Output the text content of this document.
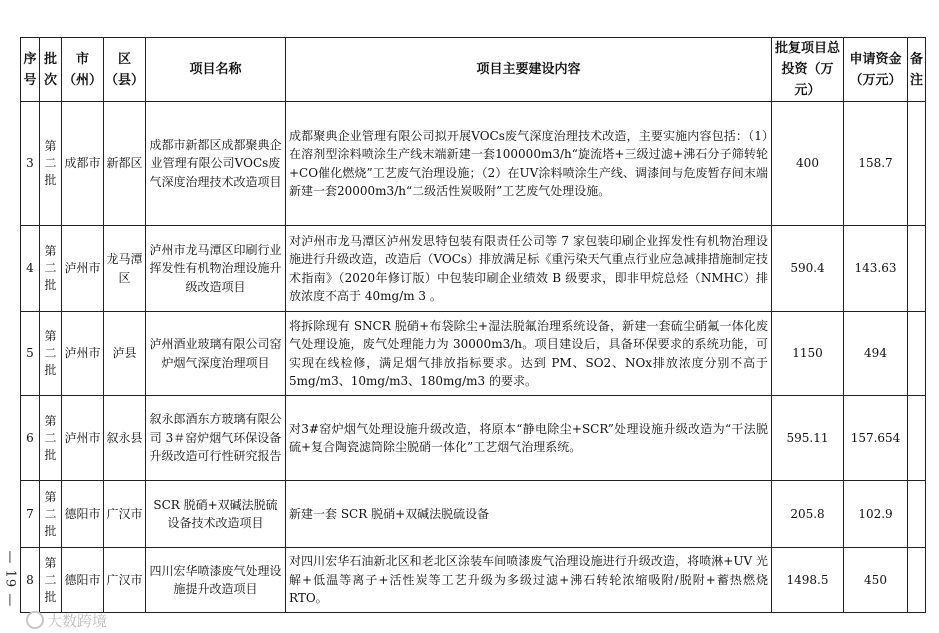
— 19 —
序号	批次	市（州）	区（县）	项目名称	项目主要建设内容	批复项目总投资（万元）	申请资金（万元）	备注
3	第二批	成都市	新都区	成都市新都区成都聚典企业管理有限公司VOCs废气深度治理技术改造项目	成都聚典企业管理有限公司拟开展VOCs废气深度治理技术改造，主要实施内容包括：（1）在溶剂型涂料喷涂生产线末端新建一套100000m3/h“旋流塔+三级过滤+沸石分子筛转轮+CO催化燃烧”工艺废气治理设施；（2）在UV涂料喷涂生产线、调漆间与危废暂存间末端新建一套20000m3/h“二级活性炭吸附”工艺废气处理设施。	400	158.7	
4	第二批	泸州市	龙马潭区	泸州市龙马潭区印刷行业挥发性有机物治理设施升级改造项目	对泸州市龙马潭区泸州发思特包装有限责任公司等 7 家包装印刷企业挥发性有机物治理设施进行升级改造，改造后（VOCs）排放满足标《重污染天气重点行业应急减排措施制定技术指南》（2020年修订版）中包装印刷企业绩效 B 级要求，即非甲烷总烃（NMHC）排放浓度不高于 40mg/m 3 。	590.4	143.63	
5	第二批	泸州市	泸县	泸州酒业玻璃有限公司窑炉烟气深度治理项目	将拆除现有 SNCR 脱硝+布袋除尘+湿法脱氟治理系统设备，新建一套硫尘硝氟一体化废气处理设施，废气处理能力为 30000m3/h。项目建设后，具备环保要求的系统功能，可实现在线检修，满足烟气排放指标要求。达到 PM、SO2、NOx排放浓度分别不高于 5mg/m3、10mg/m3、180mg/m3 的要求。	1150	494	
6	第二批	泸州市	叙永县	叙永郎酒东方玻璃有限公司 3＃窑炉烟气环保设备升级改造可行性研究报告	对3#窑炉烟气处理设施升级改造，将原本“静电除尘+SCR”处理设施升级改造为“干法脱硫+复合陶瓷滤筒除尘脱硝一体化”工艺烟气治理系统。	595.11	157.654	
7	第二批	德阳市	广汉市	SCR 脱硝+双碱法脱硫设备技术改造项目	新建一套 SCR 脱硝+双碱法脱硫设备	205.8	102.9	
8	第二批	德阳市	广汉市	四川宏华喷漆废气处理设施提升改造项目	对四川宏华石油新北区和老北区涂装车间喷漆废气治理设施进行升级改造，将喷淋+UV 光解+低温等离子+活性炭等工艺升级为多级过滤+沸石转轮浓缩吸附/脱附+蓄热燃烧 RTO。	1498.5	450	
大数跨境
